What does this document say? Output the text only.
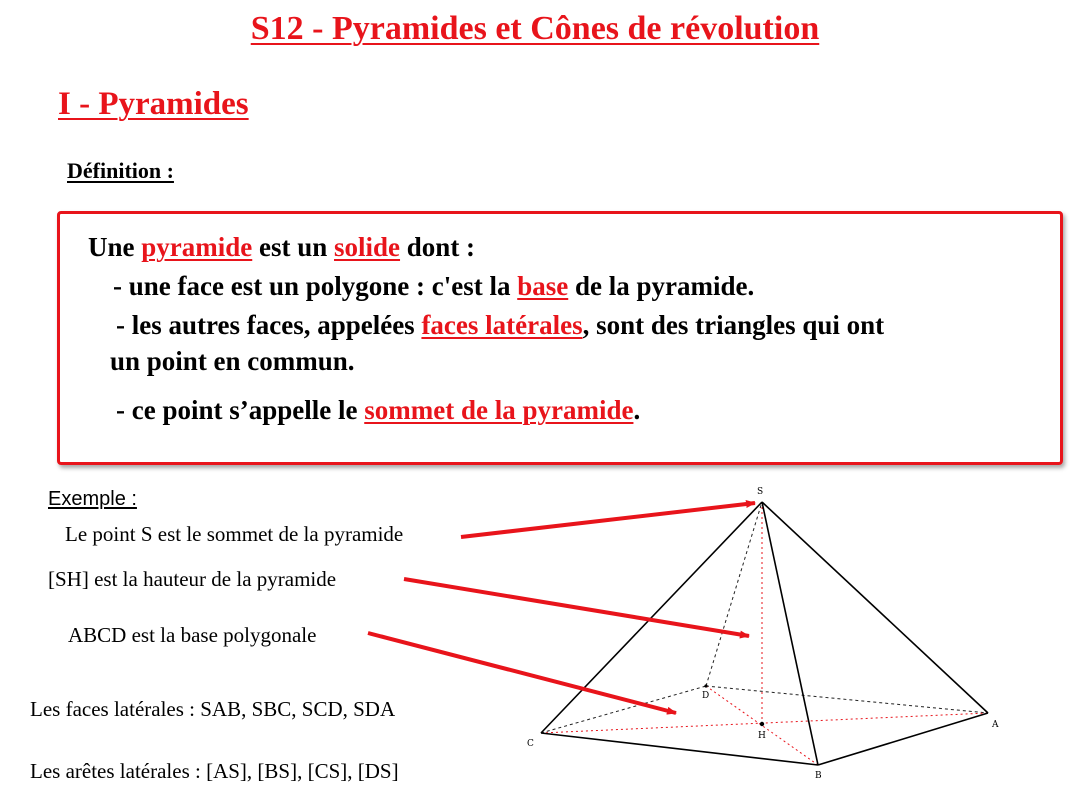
S12 - Pyramides et Cônes de révolution
I - Pyramides
Définition :
Une pyramide est un solide dont :
- une face est un polygone : c'est la base de la pyramide.
- les autres faces, appelées faces latérales, sont des triangles qui ont
un point en commun.
- ce point s’appelle le sommet de la pyramide.
Exemple :
Le point S est le sommet de la pyramide
[SH] est la hauteur de la pyramide
ABCD est la base polygonale
Les faces latérales : SAB, SBC, SCD, SDA
Les arêtes latérales : [AS], [BS], [CS], [DS]
S
A
B
C
D
H
